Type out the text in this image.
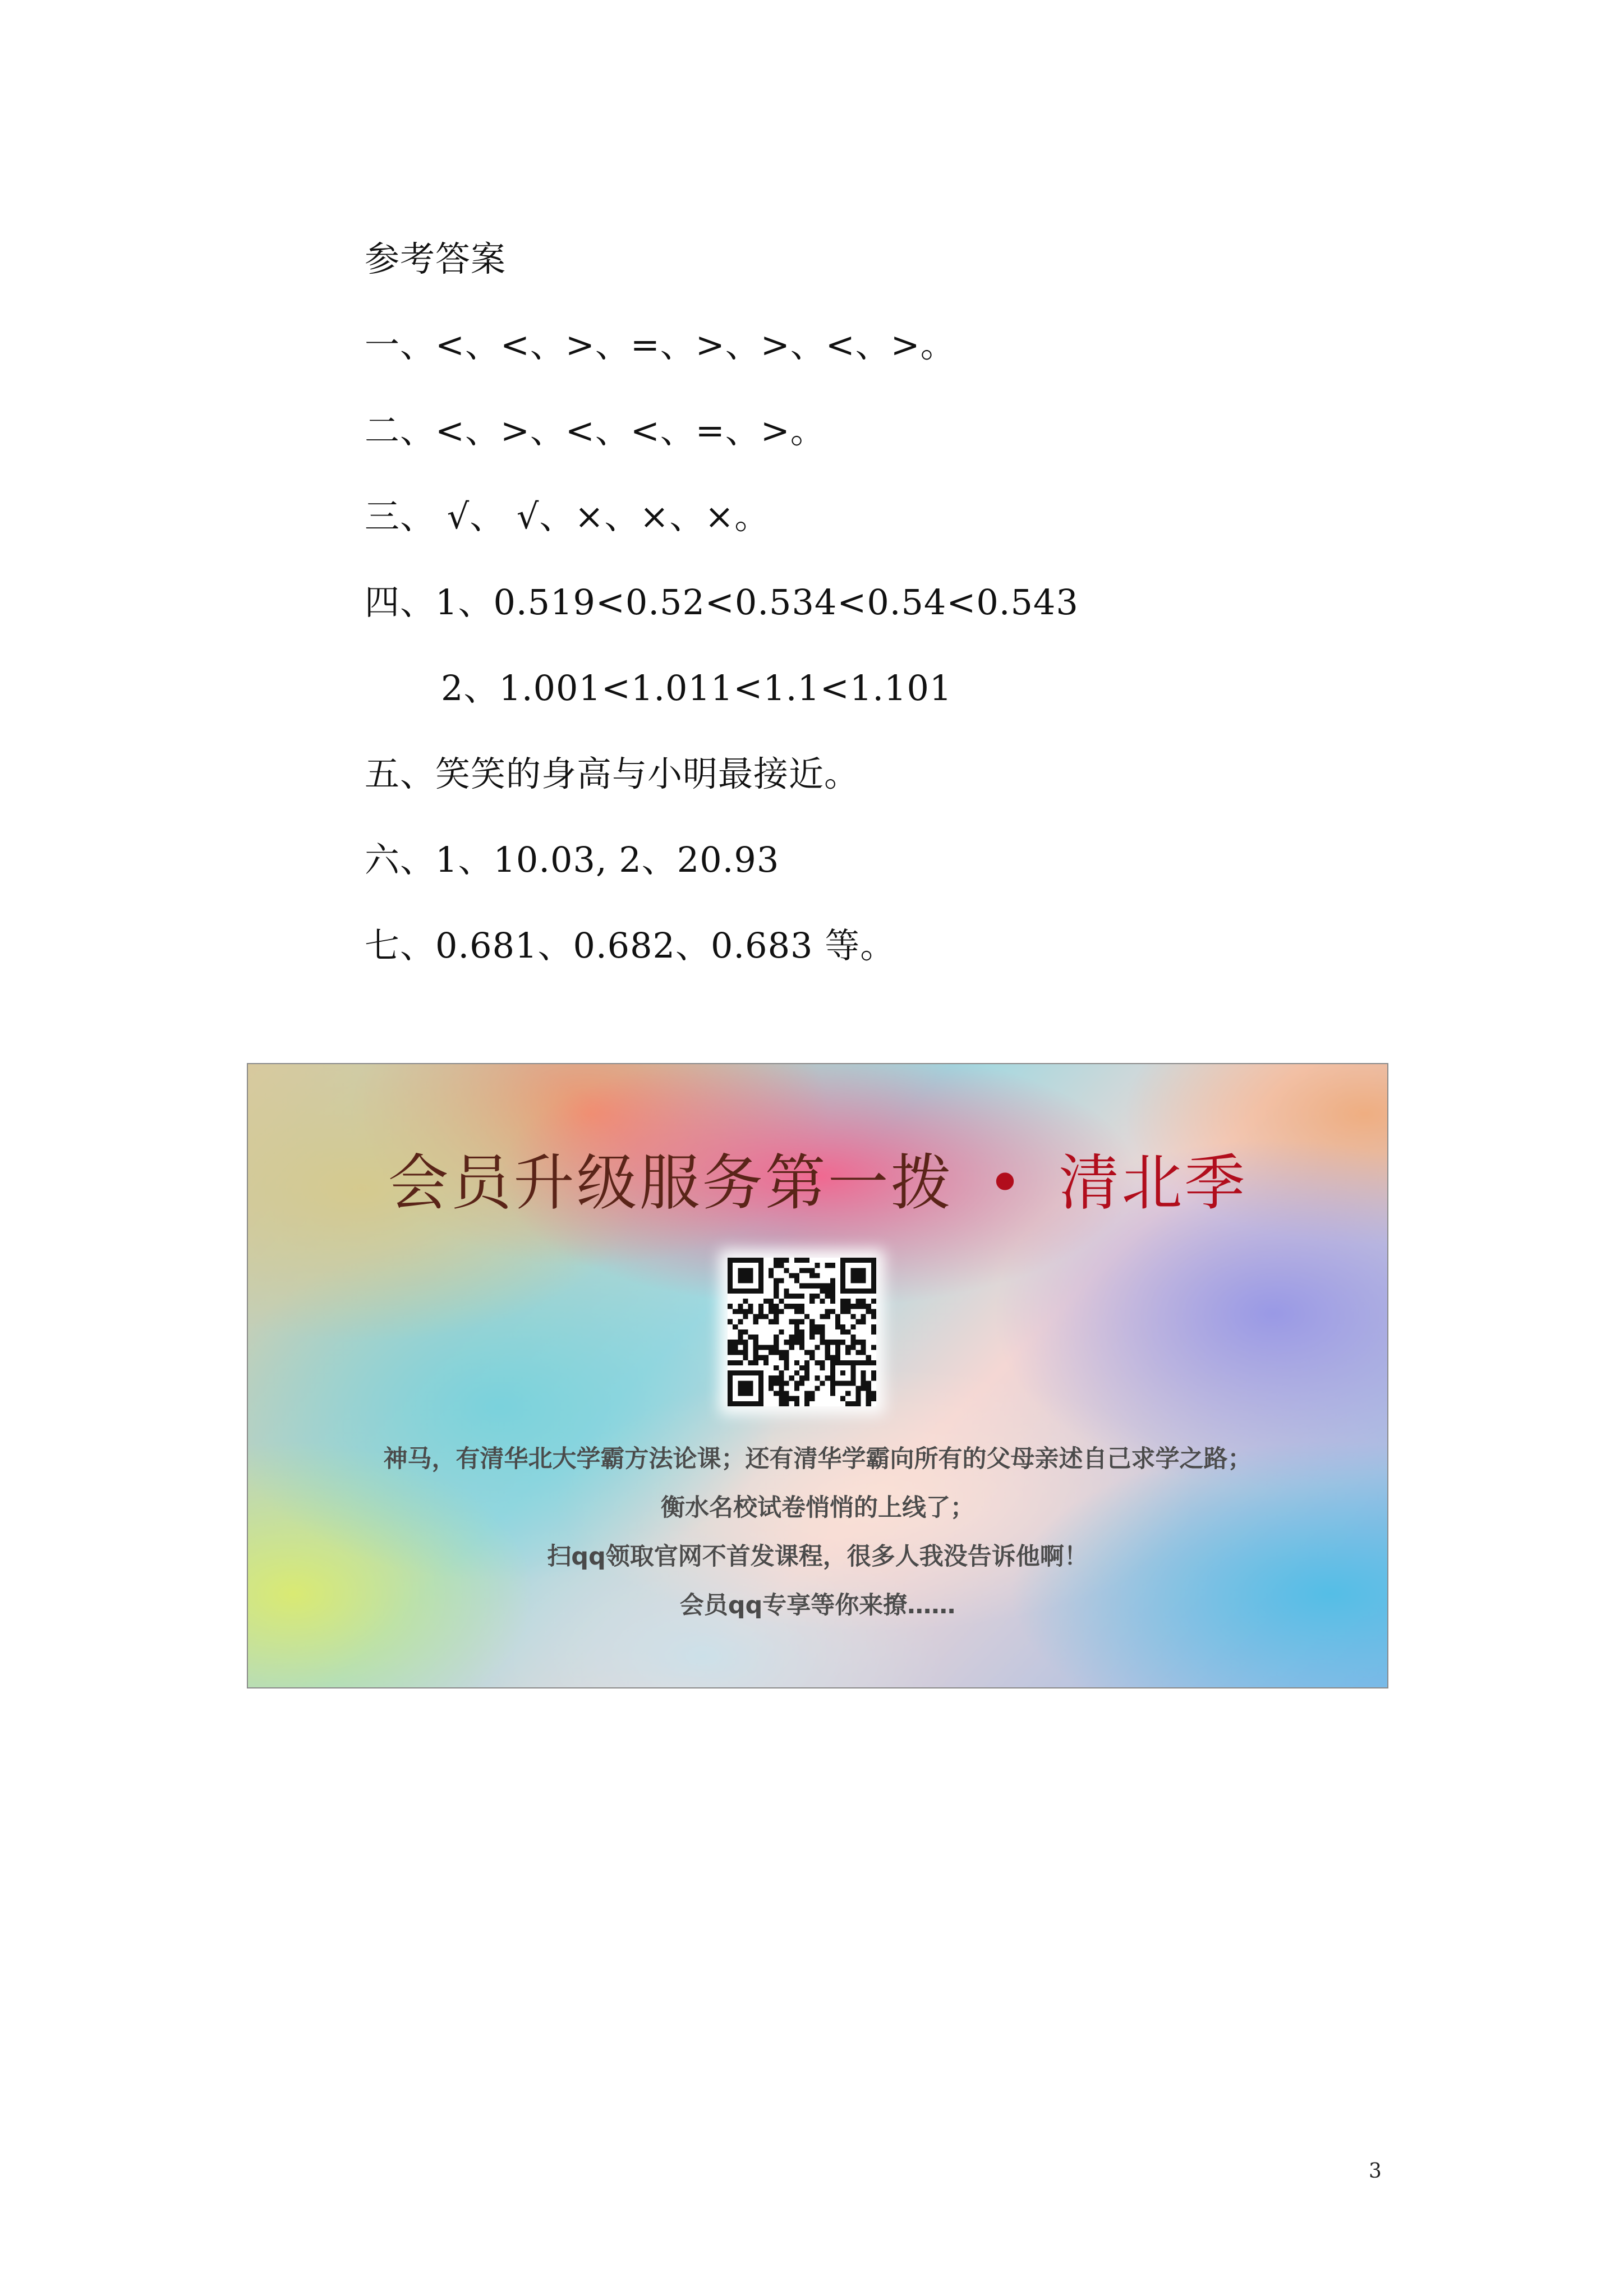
参考答案
一、<、<、>、=、>、>、<、>。
二、<、>、<、<、=、>。
三、 √、 √、×、×、×。
四、1、0.519<0.52<0.534<0.54<0.543
2、1.001<1.011<1.1<1.101
五、笑笑的身高与小明最接近。
六、1、10.03, 2、20.93
七、0.681、0.682、0.683 等。
会员升级服务第一拨 • 清北季
神马，有清华北大学霸方法论课；还有清华学霸向所有的父母亲述自己求学之路；
衡水名校试卷悄悄的上线了；
扫qq领取官网不首发课程，很多人我没告诉他啊！
会员qq专享等你来撩……
3
